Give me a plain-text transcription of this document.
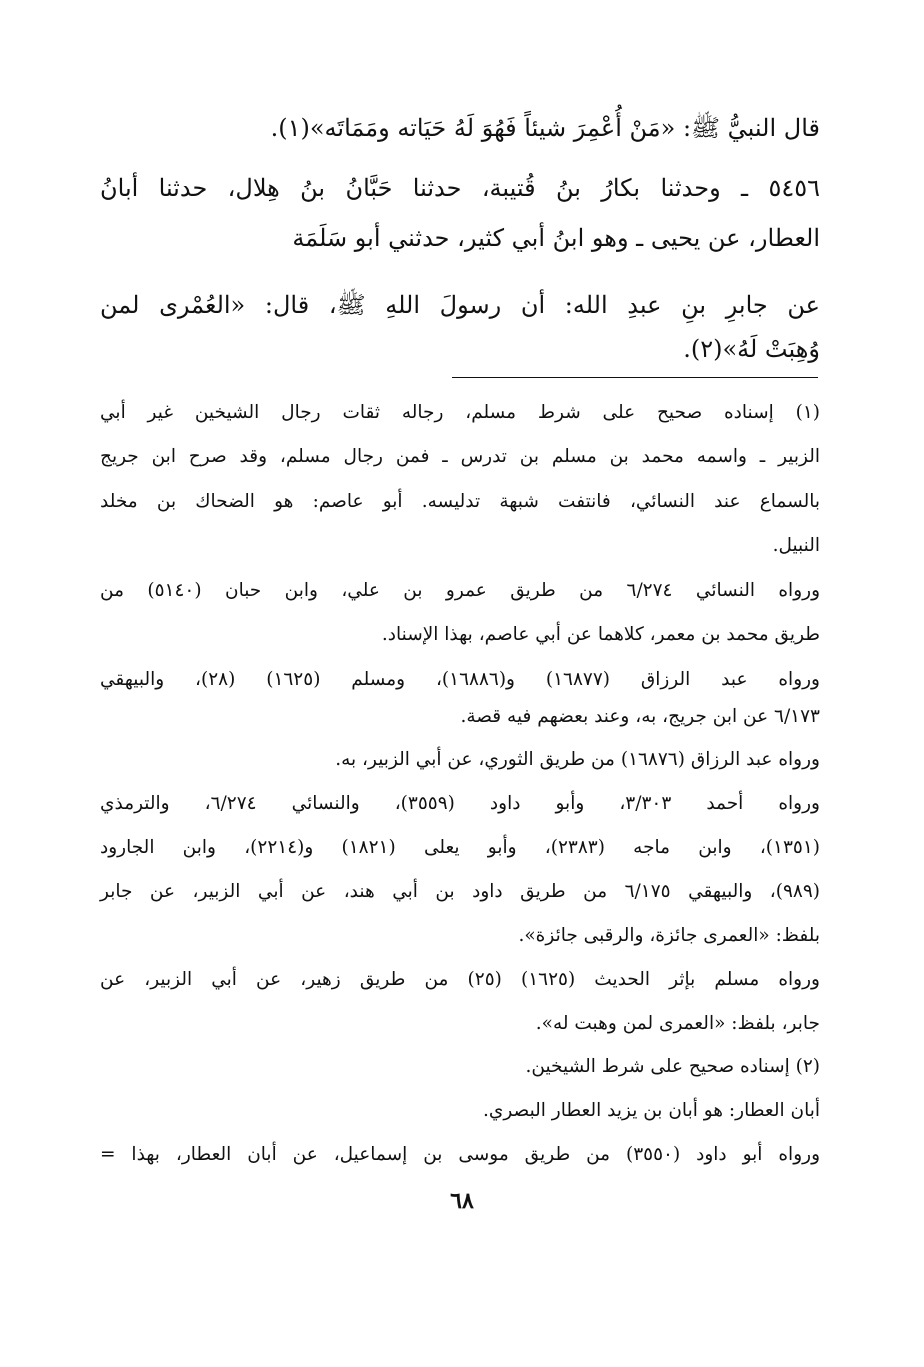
قال النبيُّ ﷺ: «مَنْ أُعْمِرَ شيئاً فَهُوَ لَهُ حَيَاته ومَمَاتَه»(١).
٥٤٥٦ ـ وحدثنا بكارُ بنُ قُتيبة، حدثنا حَبَّانُ بنُ هِلال، حدثنا أبانُ
العطار، عن يحيى ـ وهو ابنُ أبي كثير، حدثني أبو سَلَمَة
عن جابرِ بنِ عبدِ الله: أن رسولَ اللهِ ﷺ، قال: «العُمْرى لمن
وُهِبَتْ لَهُ»(٢).
(١) إسناده صحيح على شرط مسلم، رجاله ثقات رجال الشيخين غير أبي
الزبير ـ واسمه محمد بن مسلم بن تدرس ـ فمن رجال مسلم، وقد صرح ابن جريج
بالسماع عند النسائي، فانتفت شبهة تدليسه. أبو عاصم: هو الضحاك بن مخلد
النبيل.
ورواه النسائي ٦/٢٧٤ من طريق عمرو بن علي، وابن حبان (٥١٤٠) من
طريق محمد بن معمر، كلاهما عن أبي عاصم، بهذا الإسناد.
ورواه عبد الرزاق (١٦٨٧٧) و(١٦٨٨٦)، ومسلم (١٦٢٥) (٢٨)، والبيهقي
٦/١٧٣ عن ابن جريج، به، وعند بعضهم فيه قصة.
ورواه عبد الرزاق (١٦٨٧٦) من طريق الثوري، عن أبي الزبير، به.
ورواه أحمد ٣/٣٠٣، وأبو داود (٣٥٥٩)، والنسائي ٦/٢٧٤، والترمذي
(١٣٥١)، وابن ماجه (٢٣٨٣)، وأبو يعلى (١٨٢١) و(٢٢١٤)، وابن الجارود
(٩٨٩)، والبيهقي ٦/١٧٥ من طريق داود بن أبي هند، عن أبي الزبير، عن جابر
بلفظ: «العمرى جائزة، والرقبى جائزة».
ورواه مسلم بإثر الحديث (١٦٢٥) (٢٥) من طريق زهير، عن أبي الزبير، عن
جابر، بلفظ: «العمرى لمن وهبت له».
(٢) إسناده صحيح على شرط الشيخين.
أبان العطار: هو أبان بن يزيد العطار البصري.
ورواه أبو داود (٣٥٥٠) من طريق موسى بن إسماعيل، عن أبان العطار، بهذا =
٦٨
